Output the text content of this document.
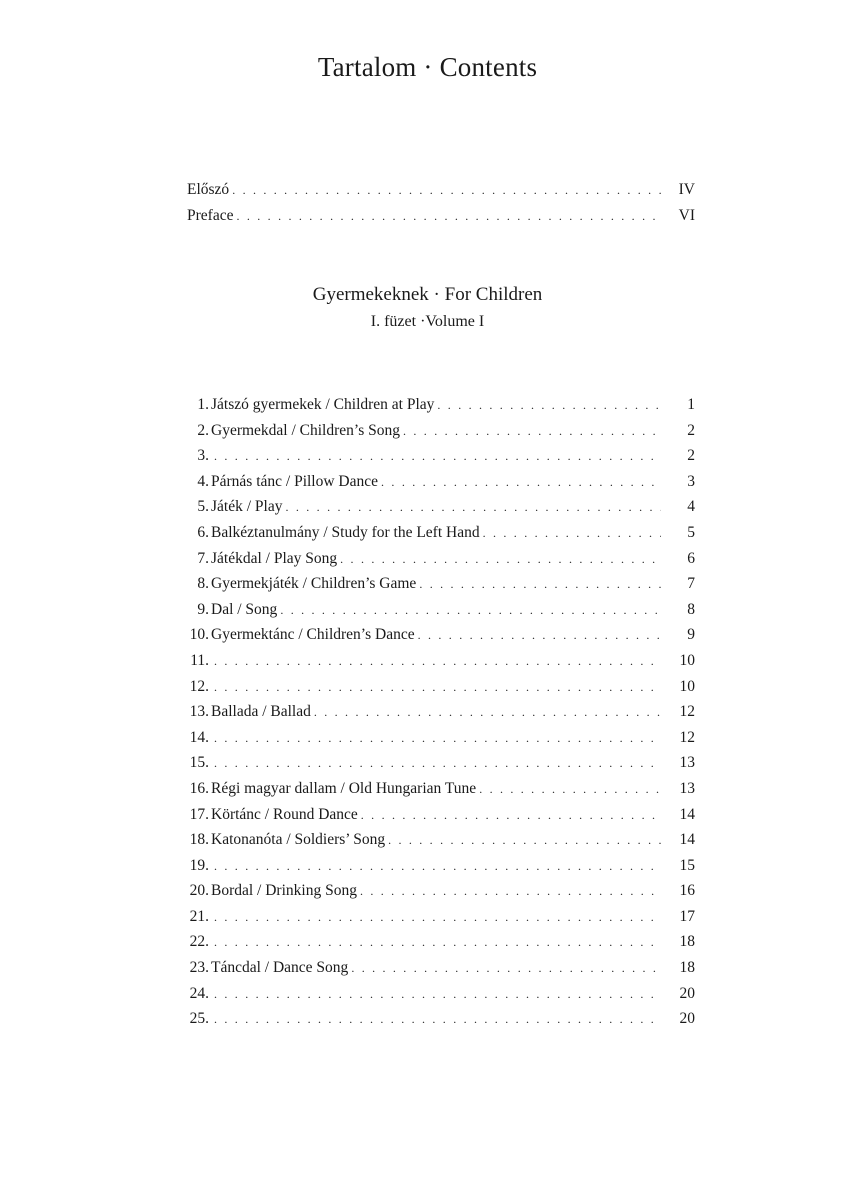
Tartalom · Contents
Előszó . . .	IV
Preface . . .	VI
Gyermekeknek · For Children
I. füzet ·Volume I
1. Játszó gyermekek / Children at Play . . .	1
2. Gyermekdal / Children’s Song . . .	2
3. . . .	2
4. Párnás tánc / Pillow Dance . . .	3
5. Játék / Play . . .	4
6. Balkéztanulmány / Study for the Left Hand . . .	5
7. Játékdal / Play Song . . .	6
8. Gyermekjáték / Children’s Game . . .	7
9. Dal / Song . . .	8
10. Gyermektánc / Children’s Dance . . .	9
11. . . .	10
12. . . .	10
13. Ballada / Ballad . . .	12
14. . . .	12
15. . . .	13
16. Régi magyar dallam / Old Hungarian Tune . . .	13
17. Körtánc / Round Dance . . .	14
18. Katonanóta / Soldiers’ Song . . .	14
19. . . .	15
20. Bordal / Drinking Song . . .	16
21. . . .	17
22. . . .	18
23. Táncdal / Dance Song . . .	18
24. . . .	20
25. . . .	20
